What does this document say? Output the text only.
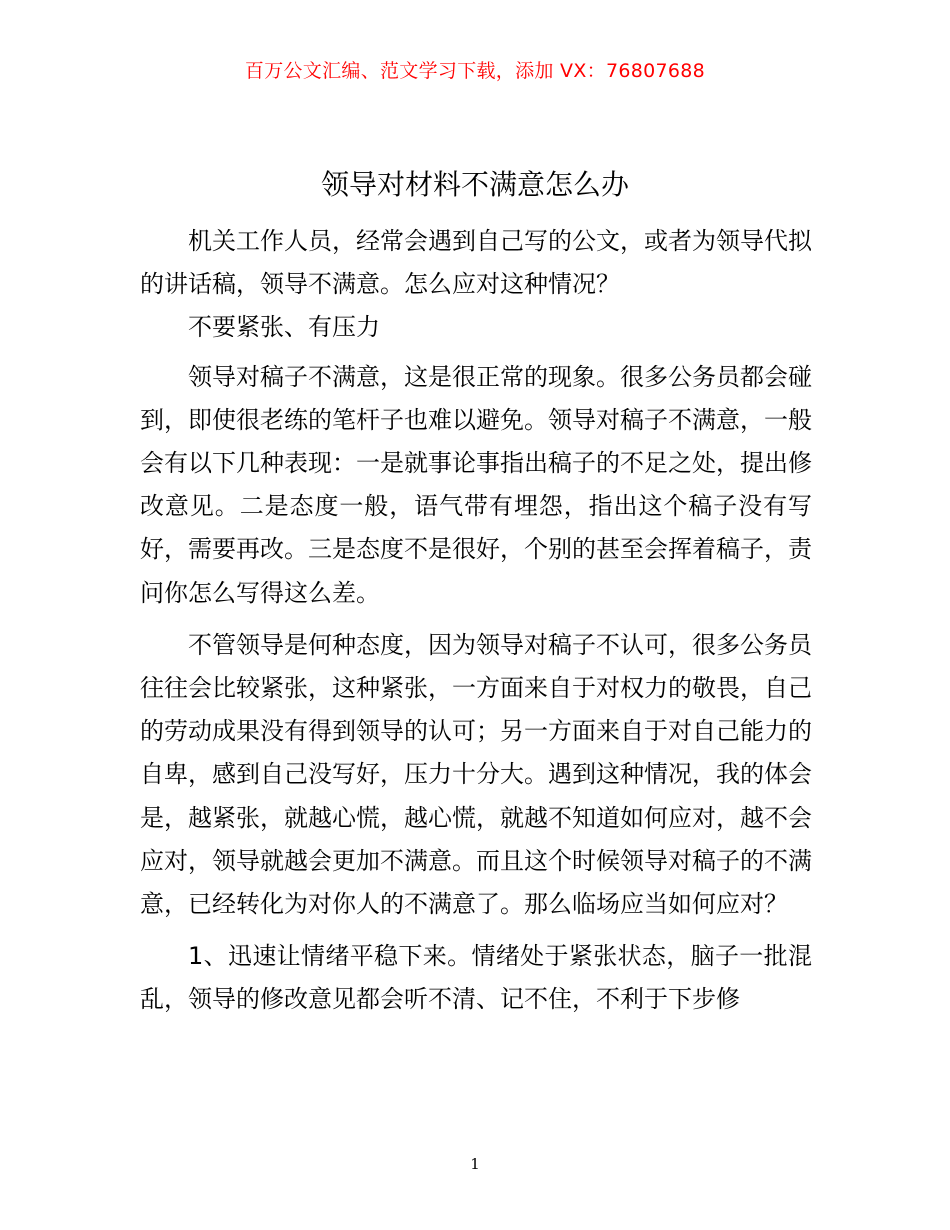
百万公文汇编、范文学习下载，添加 VX：76807688
领导对材料不满意怎么办

机关工作人员，经常会遇到自己写的公文，或者为领导代拟的讲话稿，领导不满意。怎么应对这种情况？

不要紧张、有压力

领导对稿子不满意，这是很正常的现象。很多公务员都会碰到，即使很老练的笔杆子也难以避免。领导对稿子不满意，一般会有以下几种表现：一是就事论事指出稿子的不足之处，提出修改意见。二是态度一般，语气带有埋怨，指出这个稿子没有写好，需要再改。三是态度不是很好，个别的甚至会挥着稿子，责问你怎么写得这么差。

不管领导是何种态度，因为领导对稿子不认可，很多公务员往往会比较紧张，这种紧张，一方面来自于对权力的敬畏，自己的劳动成果没有得到领导的认可；另一方面来自于对自己能力的自卑，感到自己没写好，压力十分大。遇到这种情况，我的体会是，越紧张，就越心慌，越心慌，就越不知道如何应对，越不会应对，领导就越会更加不满意。而且这个时候领导对稿子的不满意，已经转化为对你人的不满意了。那么临场应当如何应对？

1、迅速让情绪平稳下来。情绪处于紧张状态，脑子一批混乱，领导的修改意见都会听不清、记不住，不利于下步修

1
